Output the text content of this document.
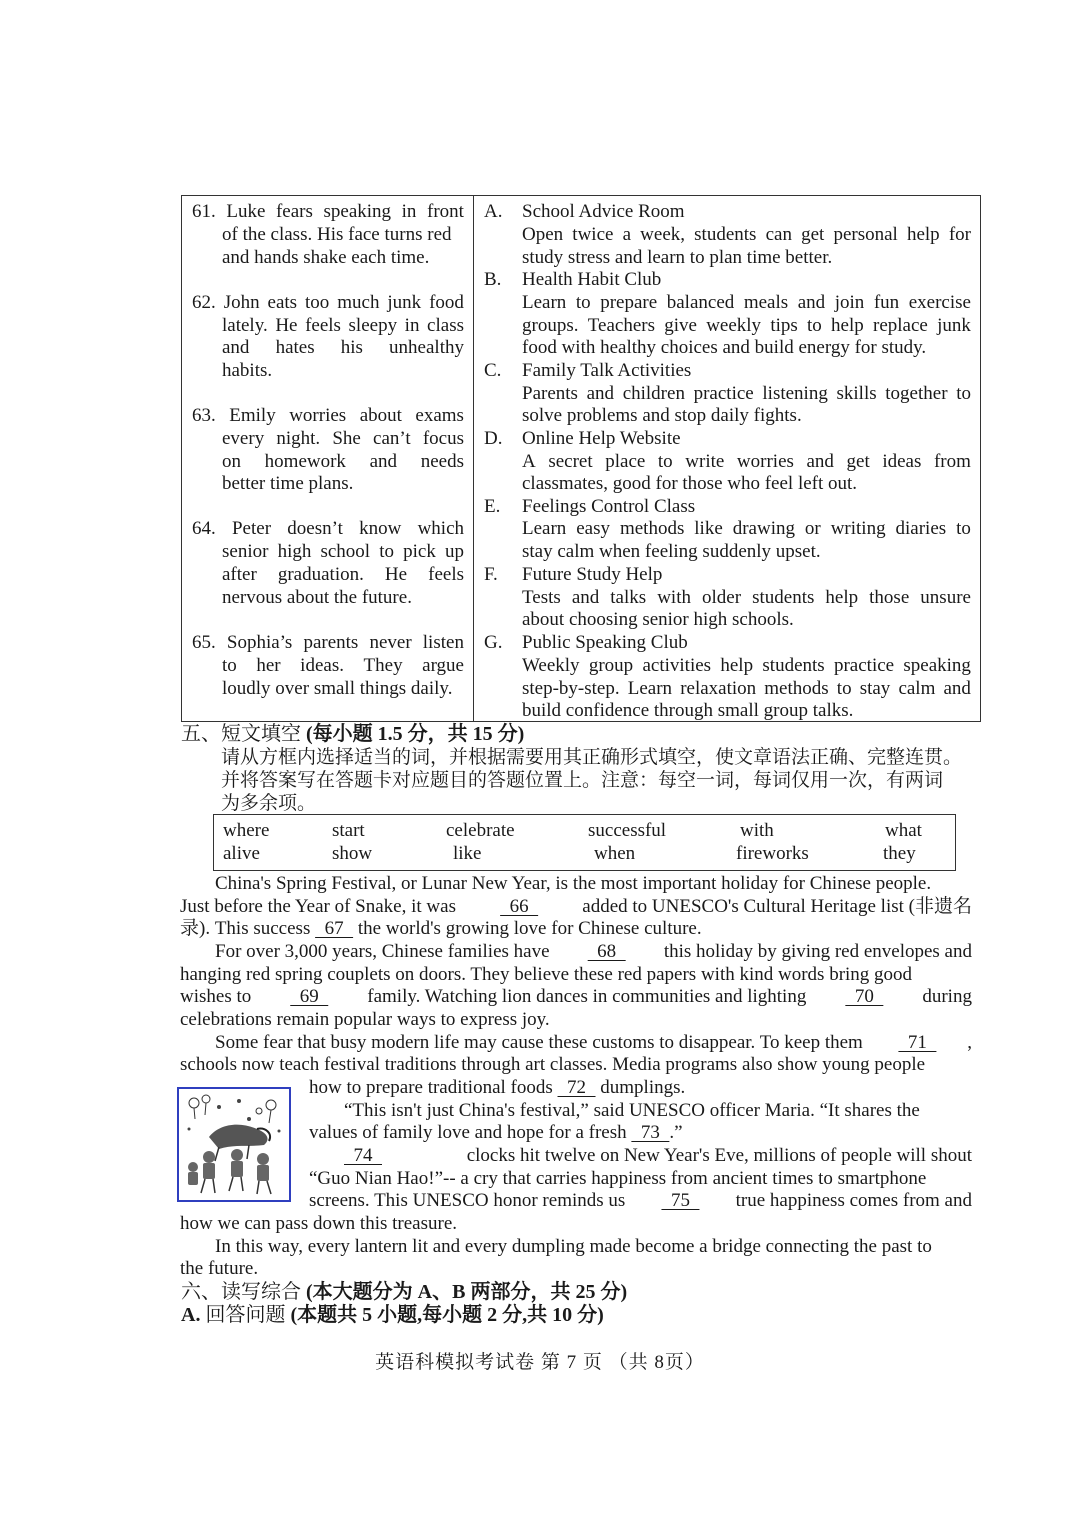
61. Luke fears speaking in front
of the class. His face turns red
and hands shake each time.
62. John eats too much junk food
lately. He feels sleepy in class
and hates his unhealthy
habits.
63. Emily worries about exams
every night. She can’t focus
on homework and needs
better time plans.
64. Peter doesn’t know which
senior high school to pick up
after graduation. He feels
nervous about the future.
65. Sophia’s parents never listen
to her ideas. They argue
loudly over small things daily.
A. School Advice Room
Open twice a week, students can get personal help for
study stress and learn to plan time better.
B. Health Habit Club
Learn to prepare balanced meals and join fun exercise
groups. Teachers give weekly tips to help replace junk
food with healthy choices and build energy for study.
C. Family Talk Activities
Parents and children practice listening skills together to
solve problems and stop daily fights.
D. Online Help Website
A secret place to write worries and get ideas from
classmates, good for those who feel left out.
E. Feelings Control Class
Learn easy methods like drawing or writing diaries to
stay calm when feeling suddenly upset.
F. Future Study Help
Tests and talks with older students help those unsure
about choosing senior high schools.
G. Public Speaking Club
Weekly group activities help students practice speaking
step-by-step. Learn relaxation methods to stay calm and
build confidence through small group talks.
五、短文填空 (每小题 1.5 分，共 15 分)
请从方框内选择适当的词，并根据需要用其正确形式填空，使文章语法正确、完整连贯。
并将答案写在答题卡对应题目的答题位置上。注意：每空一词，每词仅用一次，有两词
为多余项。
where	start	celebrate	successful	with	what
alive	show	like	when	fireworks	they
China's Spring Festival, or Lunar New Year, is the most important holiday for Chinese people.
Just before the Year of Snake, it was 66 added to UNESCO's Cultural Heritage list (非遗名
录). This success   67   the world's growing love for Chinese culture.
For over 3,000 years, Chinese families have 68 this holiday by giving red envelopes and
hanging red spring couplets on doors. They believe these red papers with kind words bring good
wishes to 69 family. Watching lion dances in communities and lighting 70 during
celebrations remain popular ways to express joy.
Some fear that busy modern life may cause these customs to disappear. To keep them 71 ,
schools now teach festival traditions through art classes. Media programs also show young people
how to prepare traditional foods   72   dumplings.
“This isn't just China's festival,” said UNESCO officer Maria. “It shares the
values of family love and hope for a fresh   73  .”
74	clocks hit twelve on New Year's Eve, millions of people will shout
“Guo Nian Hao!”-- a cry that carries happiness from ancient times to smartphone
screens. This UNESCO honor reminds us 75 true happiness comes from and
how we can pass down this treasure.
In this way, every lantern lit and every dumpling made become a bridge connecting the past to
the future.
六、读写综合 (本大题分为 A、B 两部分，共 25 分)
A. 回答问题 (本题共 5 小题,每小题 2 分,共 10 分)
英语科模拟考试卷 第 7 页 （共 8页）
